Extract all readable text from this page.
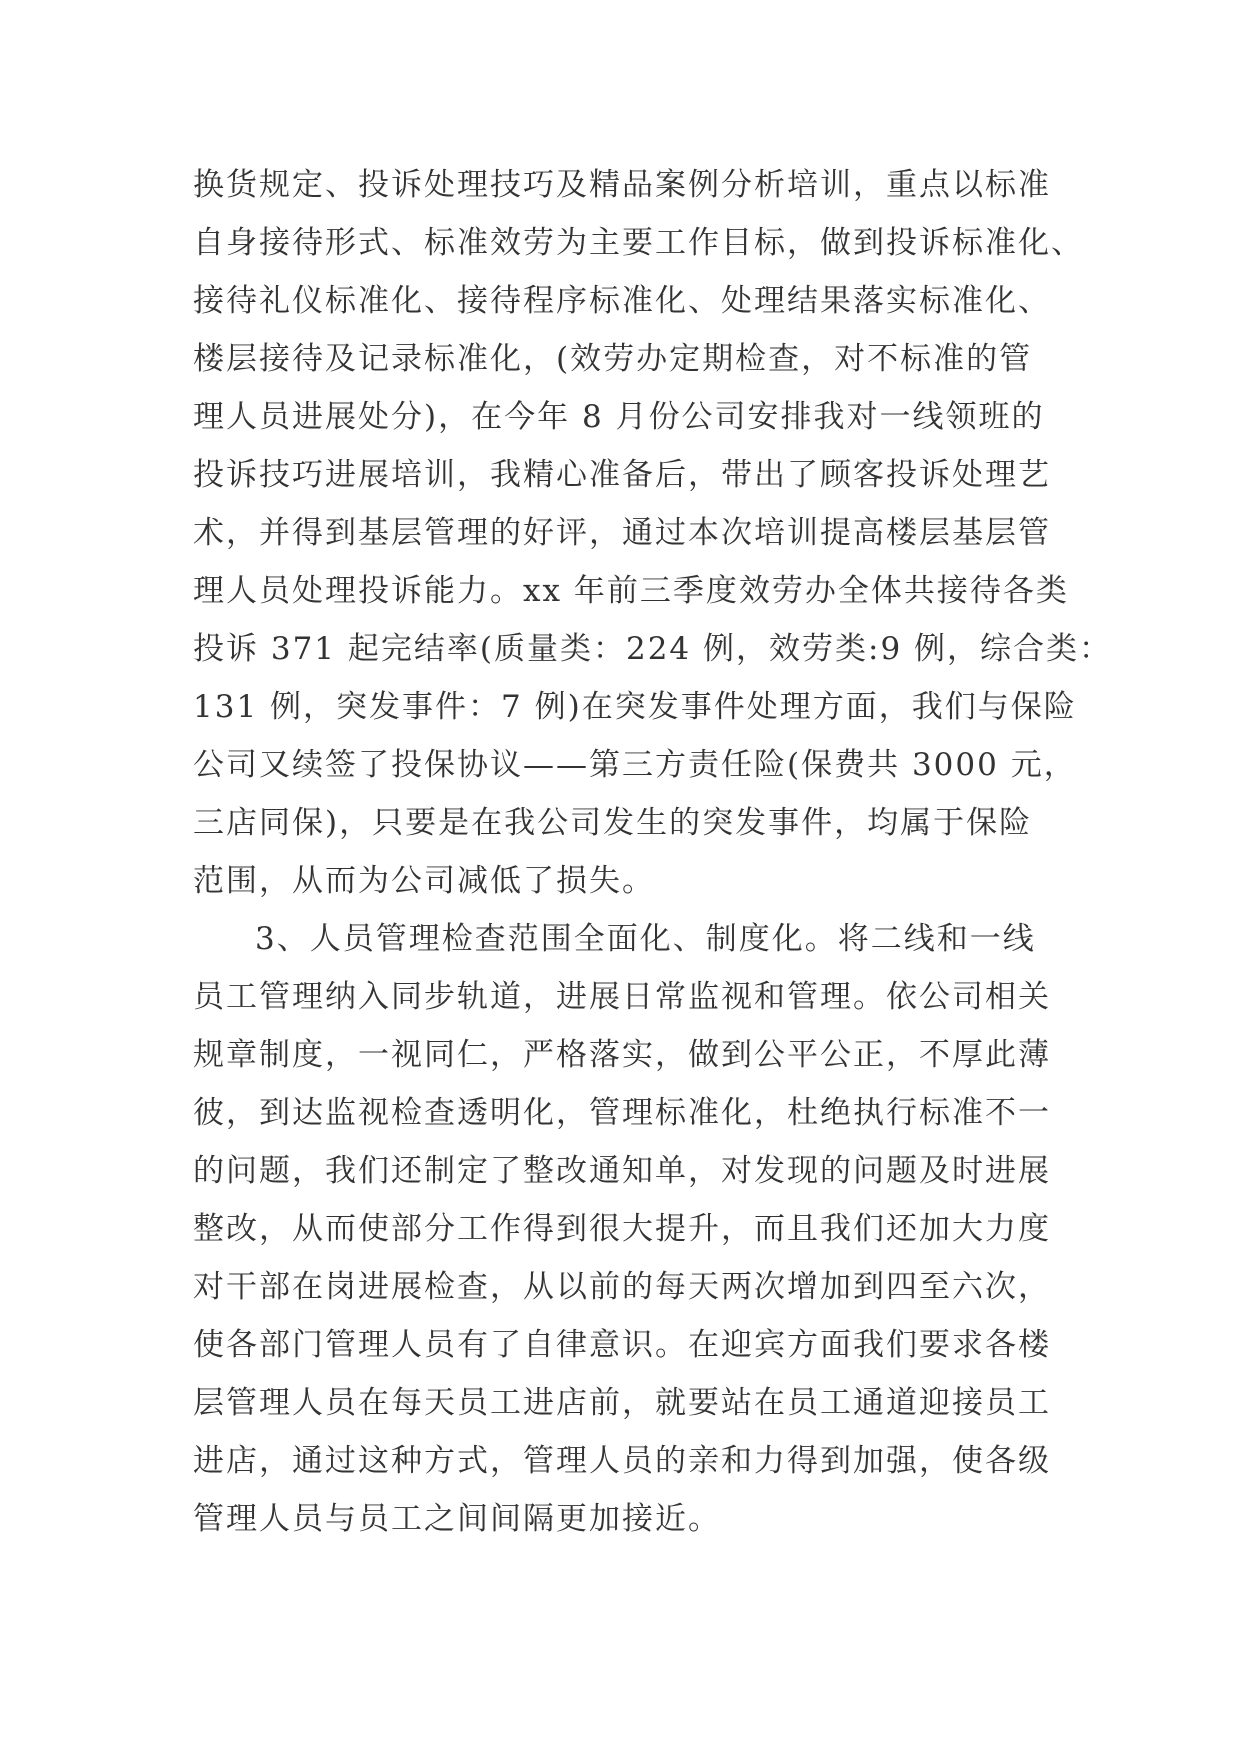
换货规定、投诉处理技巧及精品案例分析培训，重点以标准

自身接待形式、标准效劳为主要工作目标，做到投诉标准化、

接待礼仪标准化、接待程序标准化、处理结果落实标准化、

楼层接待及记录标准化，(效劳办定期检查，对不标准的管

理人员进展处分)，在今年 8 月份公司安排我对一线领班的

投诉技巧进展培训，我精心准备后，带出了顾客投诉处理艺

术，并得到基层管理的好评，通过本次培训提高楼层基层管

理人员处理投诉能力。xx 年前三季度效劳办全体共接待各类

投诉 371 起完结率(质量类：224 例，效劳类:9 例，综合类：

131 例，突发事件：7 例)在突发事件处理方面，我们与保险

公司又续签了投保协议——第三方责任险(保费共 3000 元，

三店同保)，只要是在我公司发生的突发事件，均属于保险

范围，从而为公司减低了损失。

3、人员管理检查范围全面化、制度化。将二线和一线

员工管理纳入同步轨道，进展日常监视和管理。依公司相关

规章制度，一视同仁，严格落实，做到公平公正，不厚此薄

彼，到达监视检查透明化，管理标准化，杜绝执行标准不一

的问题，我们还制定了整改通知单，对发现的问题及时进展

整改，从而使部分工作得到很大提升，而且我们还加大力度

对干部在岗进展检查，从以前的每天两次增加到四至六次，

使各部门管理人员有了自律意识。在迎宾方面我们要求各楼

层管理人员在每天员工进店前，就要站在员工通道迎接员工

进店，通过这种方式，管理人员的亲和力得到加强，使各级

管理人员与员工之间间隔更加接近。
